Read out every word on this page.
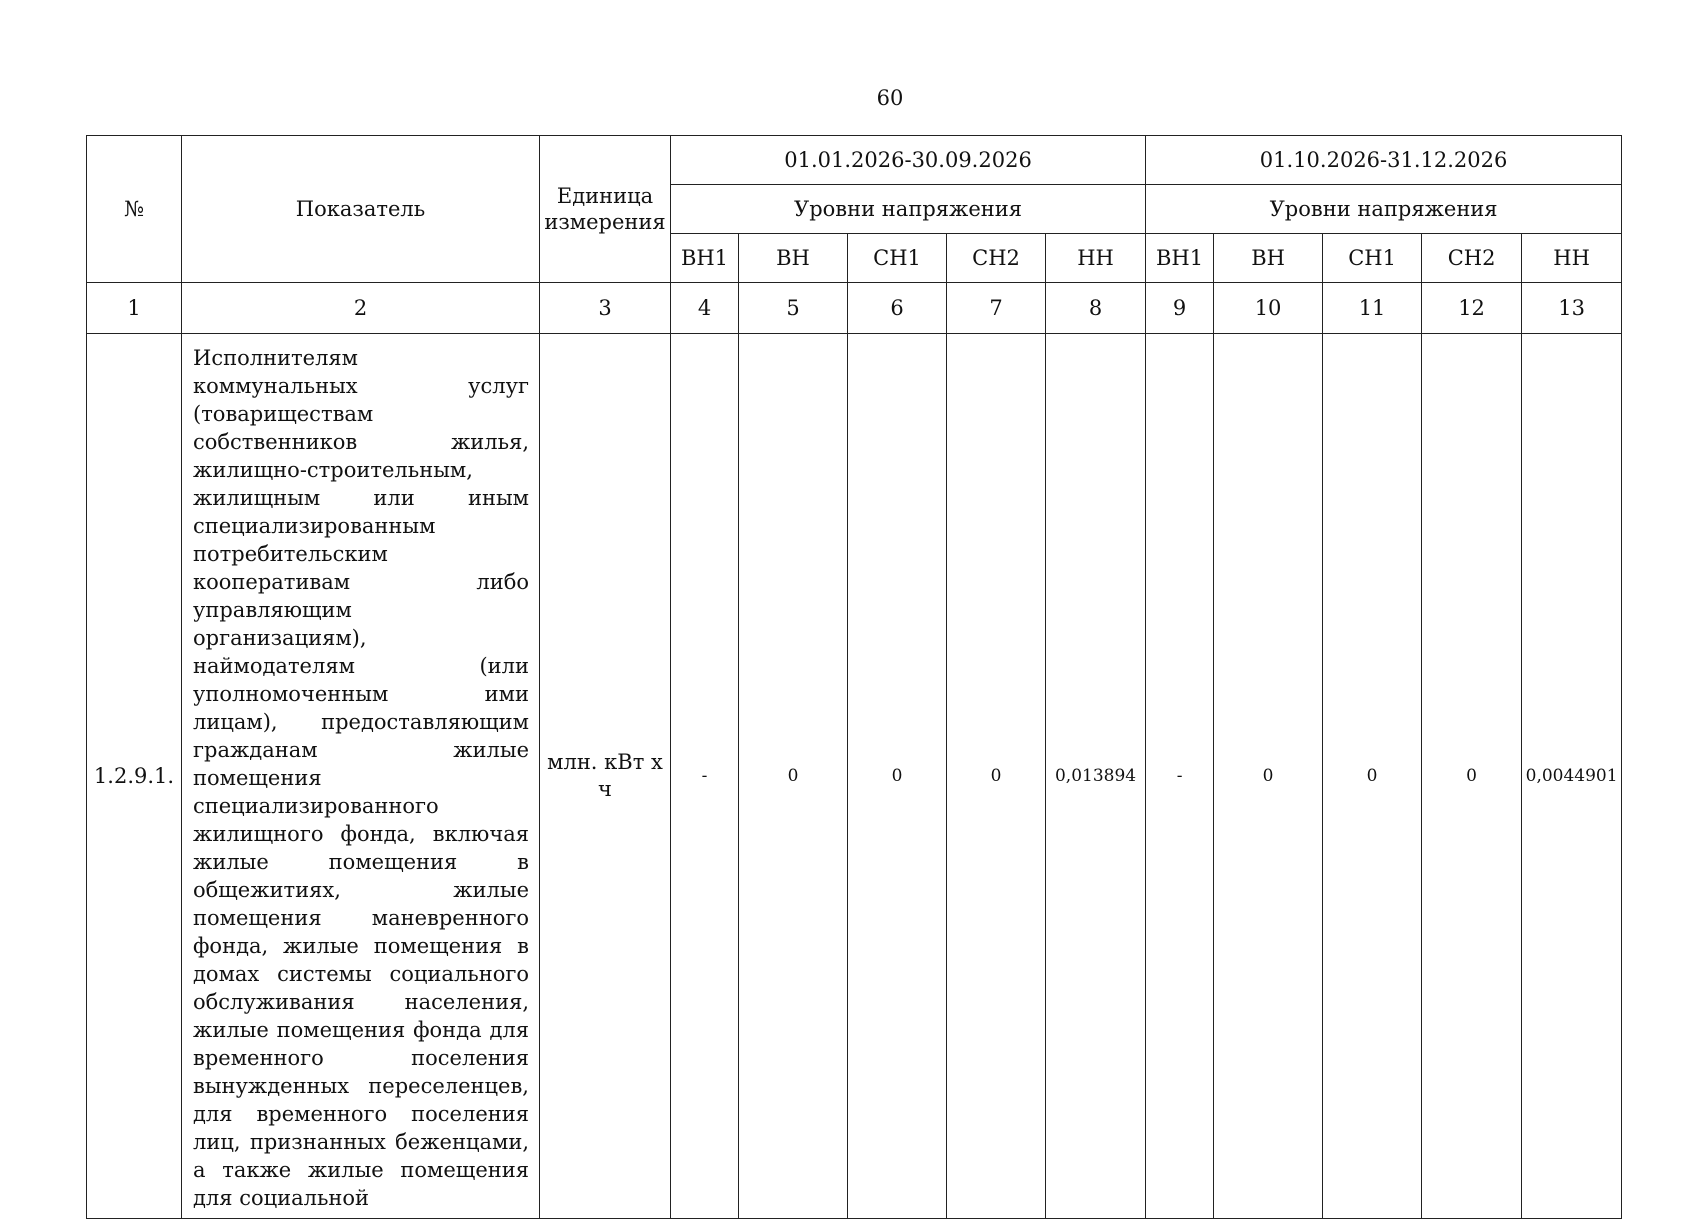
60
№	Показатель	Единица измерения	01.01.2026-30.09.2026					01.10.2026-31.12.2026				
			Уровни напряжения					Уровни напряжения				
			ВН1	ВН	СН1	СН2	НН	ВН1	ВН	СН1	СН2	НН
1	2	3	4	5	6	7	8	9	10	11	12	13
1.2.9.1.	Исполнителям коммунальных услуг (товариществам собственников жилья, жилищно-строительным, жилищным или иным специализированным потребительским кооперативам либо управляющим организациям), наймодателям (или уполномоченным ими лицам), предоставляющим гражданам жилые помещения специализированного жилищного фонда, включая жилые помещения в общежитиях, жилые помещения маневренного фонда, жилые помещения в домах системы социального обслуживания населения, жилые помещения фонда для временного поселения вынужденных переселенцев, для временного поселения лиц, признанных беженцами, а также жилые помещения для социальной	млн. кВт х ч	-	0	0	0	0,013894	-	0	0	0	0,0044901
